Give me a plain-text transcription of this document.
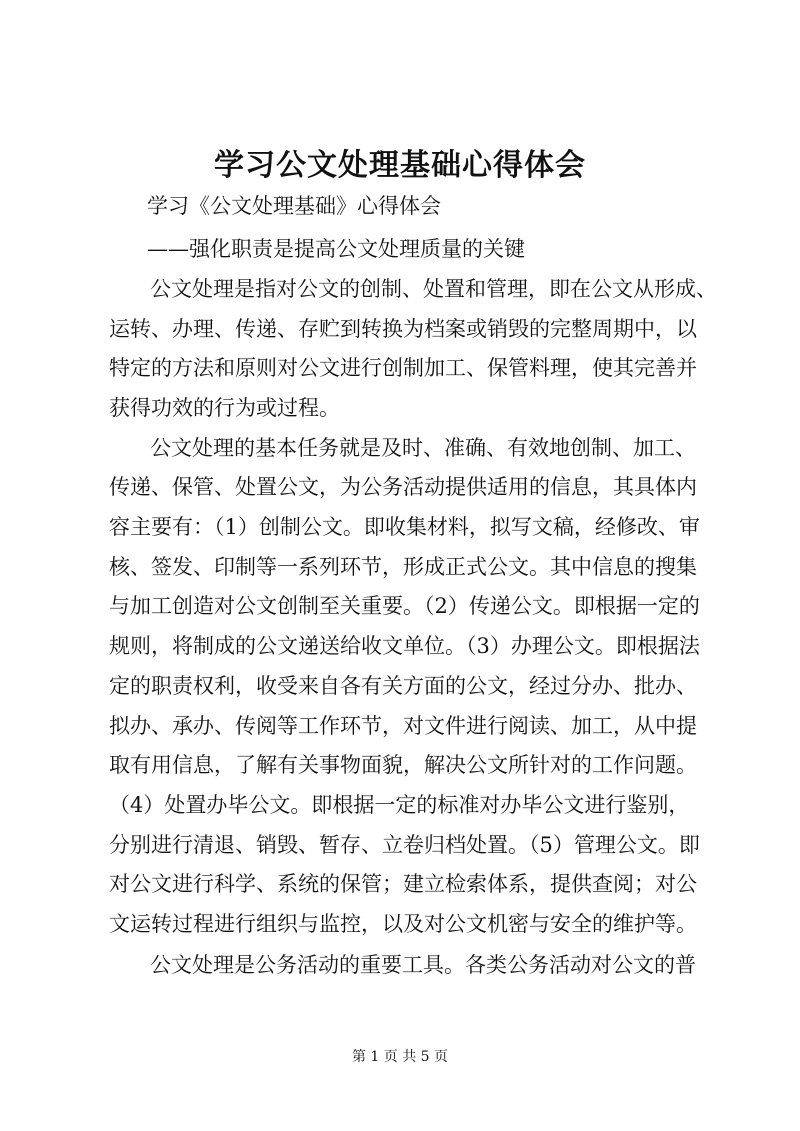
学习公文处理基础心得体会

学习《公文处理基础》心得体会

——强化职责是提高公文处理质量的关键

公文处理是指对公文的创制、处置和管理，即在公文从形成、

运转、办理、传递、存贮到转换为档案或销毁的完整周期中，以

特定的方法和原则对公文进行创制加工、保管料理，使其完善并

获得功效的行为或过程。

公文处理的基本任务就是及时、准确、有效地创制、加工、

传递、保管、处置公文，为公务活动提供适用的信息，其具体内

容主要有：（1）创制公文。即收集材料，拟写文稿，经修改、审

核、签发、印制等一系列环节，形成正式公文。其中信息的搜集

与加工创造对公文创制至关重要。（2）传递公文。即根据一定的

规则，将制成的公文递送给收文单位。（3）办理公文。即根据法

定的职责权利，收受来自各有关方面的公文，经过分办、批办、

拟办、承办、传阅等工作环节，对文件进行阅读、加工，从中提

取有用信息，了解有关事物面貌，解决公文所针对的工作问题。

（4）处置办毕公文。即根据一定的标准对办毕公文进行鉴别，

分别进行清退、销毁、暂存、立卷归档处置。（5）管理公文。即

对公文进行科学、系统的保管；建立检索体系，提供查阅；对公

文运转过程进行组织与监控，以及对公文机密与安全的维护等。

公文处理是公务活动的重要工具。各类公务活动对公文的普

第 1 页 共 5 页
